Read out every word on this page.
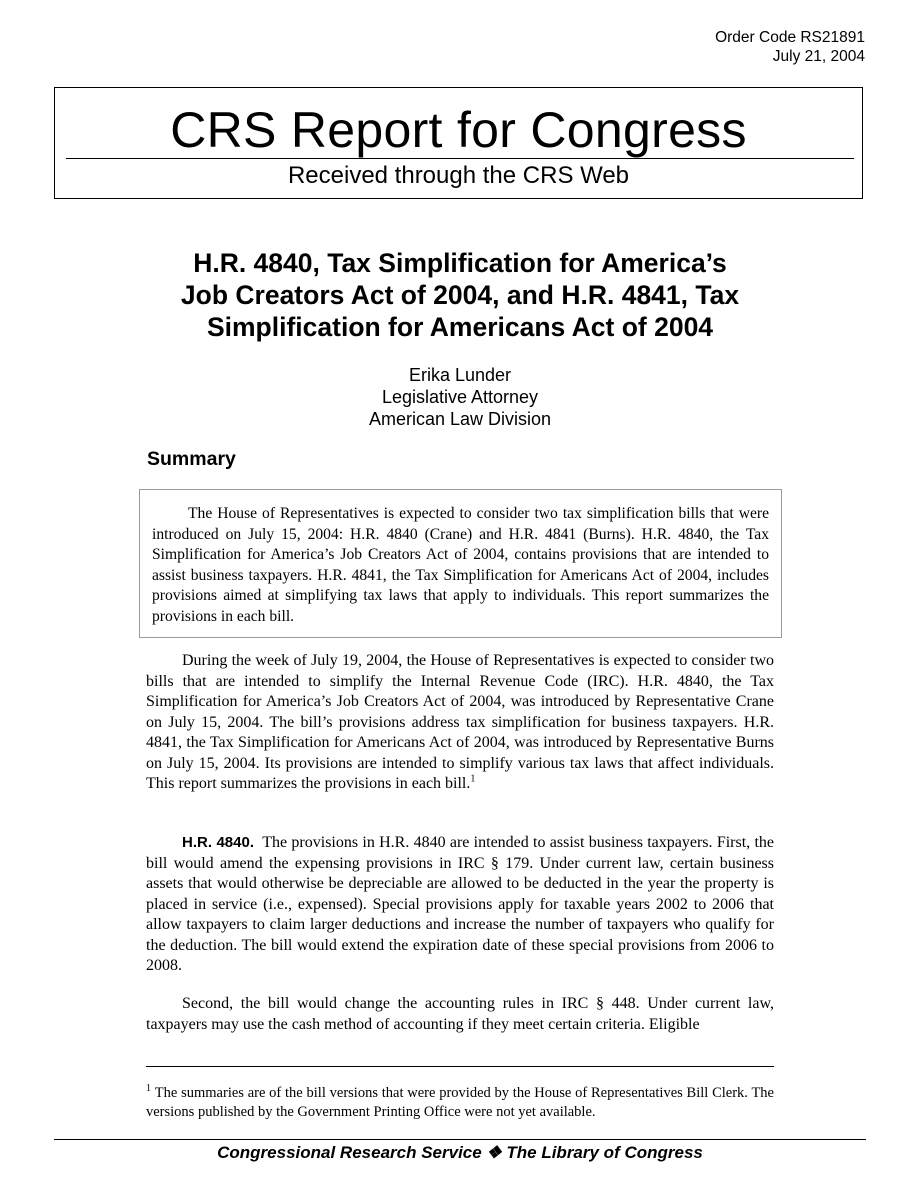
Order Code RS21891
July 21, 2004
CRS Report for Congress
Received through the CRS Web
H.R. 4840, Tax Simplification for America’s
Job Creators Act of 2004, and H.R. 4841, Tax
Simplification for Americans Act of 2004
Erika Lunder
Legislative Attorney
American Law Division
Summary

The House of Representatives is expected to consider two tax simplification bills that were introduced on July 15, 2004: H.R. 4840 (Crane) and H.R. 4841 (Burns). H.R. 4840, the Tax Simplification for America’s Job Creators Act of 2004, contains provisions that are intended to assist business taxpayers. H.R. 4841, the Tax Simplification for Americans Act of 2004, includes provisions aimed at simplifying tax laws that apply to individuals. This report summarizes the provisions in each bill.

During the week of July 19, 2004, the House of Representatives is expected to consider two bills that are intended to simplify the Internal Revenue Code (IRC). H.R. 4840, the Tax Simplification for America’s Job Creators Act of 2004, was introduced by Representative Crane on July 15, 2004. The bill’s provisions address tax simplification for business taxpayers. H.R. 4841, the Tax Simplification for Americans Act of 2004, was introduced by Representative Burns on July 15, 2004. Its provisions are intended to simplify various tax laws that affect individuals. This report summarizes the provisions in each bill.$^1$

H.R. 4840. The provisions in H.R. 4840 are intended to assist business taxpayers. First, the bill would amend the expensing provisions in IRC § 179. Under current law, certain business assets that would otherwise be depreciable are allowed to be deducted in the year the property is placed in service (i.e., expensed). Special provisions apply for taxable years 2002 to 2006 that allow taxpayers to claim larger deductions and increase the number of taxpayers who qualify for the deduction. The bill would extend the expiration date of these special provisions from 2006 to 2008.

Second, the bill would change the accounting rules in IRC § 448. Under current law, taxpayers may use the cash method of accounting if they meet certain criteria. Eligible

$^1$ The summaries are of the bill versions that were provided by the House of Representatives Bill Clerk. The versions published by the Government Printing Office were not yet available.
Congressional Research Service ❖ The Library of Congress
